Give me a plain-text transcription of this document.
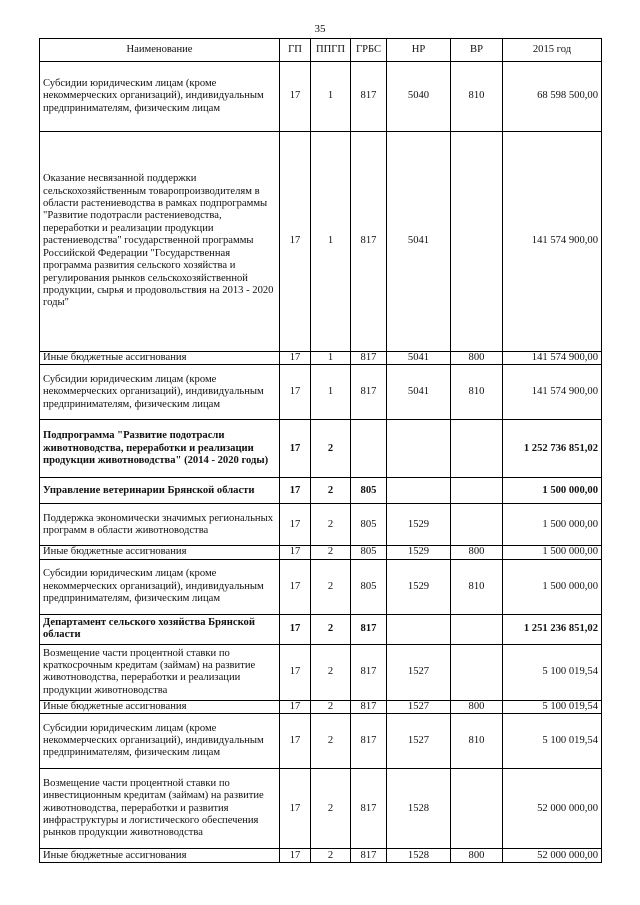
35
Наименование	ГП	ППГП	ГРБС	НР	ВР	2015 год
Субсидии юридическим лицам (кроме некоммерческих организаций), индивидуальным предпринимателям, физическим лицам	17	1	817	5040	810	68 598 500,00
Оказание несвязанной поддержки сельскохозяйственным товаропроизводителям в области растениеводства в рамках подпрограммы "Развитие подотрасли растениеводства, переработки и реализации продукции растениеводства" государственной программы Российской Федерации "Государственная программа развития сельского хозяйства и регулирования рынков сельскохозяйственной продукции, сырья и продовольствия на 2013 - 2020 годы"	17	1	817	5041		141 574 900,00
Иные бюджетные ассигнования	17	1	817	5041	800	141 574 900,00
Субсидии юридическим лицам (кроме некоммерческих организаций), индивидуальным предпринимателям, физическим лицам	17	1	817	5041	810	141 574 900,00
Подпрограмма "Развитие подотрасли животноводства, переработки и реализации продукции животноводства" (2014 - 2020 годы)	17	2				1 252 736 851,02
Управление ветеринарии Брянской области	17	2	805			1 500 000,00
Поддержка экономически значимых региональных программ в области животноводства	17	2	805	1529		1 500 000,00
Иные бюджетные ассигнования	17	2	805	1529	800	1 500 000,00
Субсидии юридическим лицам (кроме некоммерческих организаций), индивидуальным предпринимателям, физическим лицам	17	2	805	1529	810	1 500 000,00
Департамент сельского хозяйства Брянской области	17	2	817			1 251 236 851,02
Возмещение части процентной ставки по краткосрочным кредитам (займам) на развитие животноводства, переработки и реализации продукции животноводства	17	2	817	1527		5 100 019,54
Иные бюджетные ассигнования	17	2	817	1527	800	5 100 019,54
Субсидии юридическим лицам (кроме некоммерческих организаций), индивидуальным предпринимателям, физическим лицам	17	2	817	1527	810	5 100 019,54
Возмещение части процентной ставки по инвестиционным кредитам (займам) на развитие животноводства, переработки и развития инфраструктуры и логистического обеспечения рынков продукции животноводства	17	2	817	1528		52 000 000,00
Иные бюджетные ассигнования	17	2	817	1528	800	52 000 000,00
